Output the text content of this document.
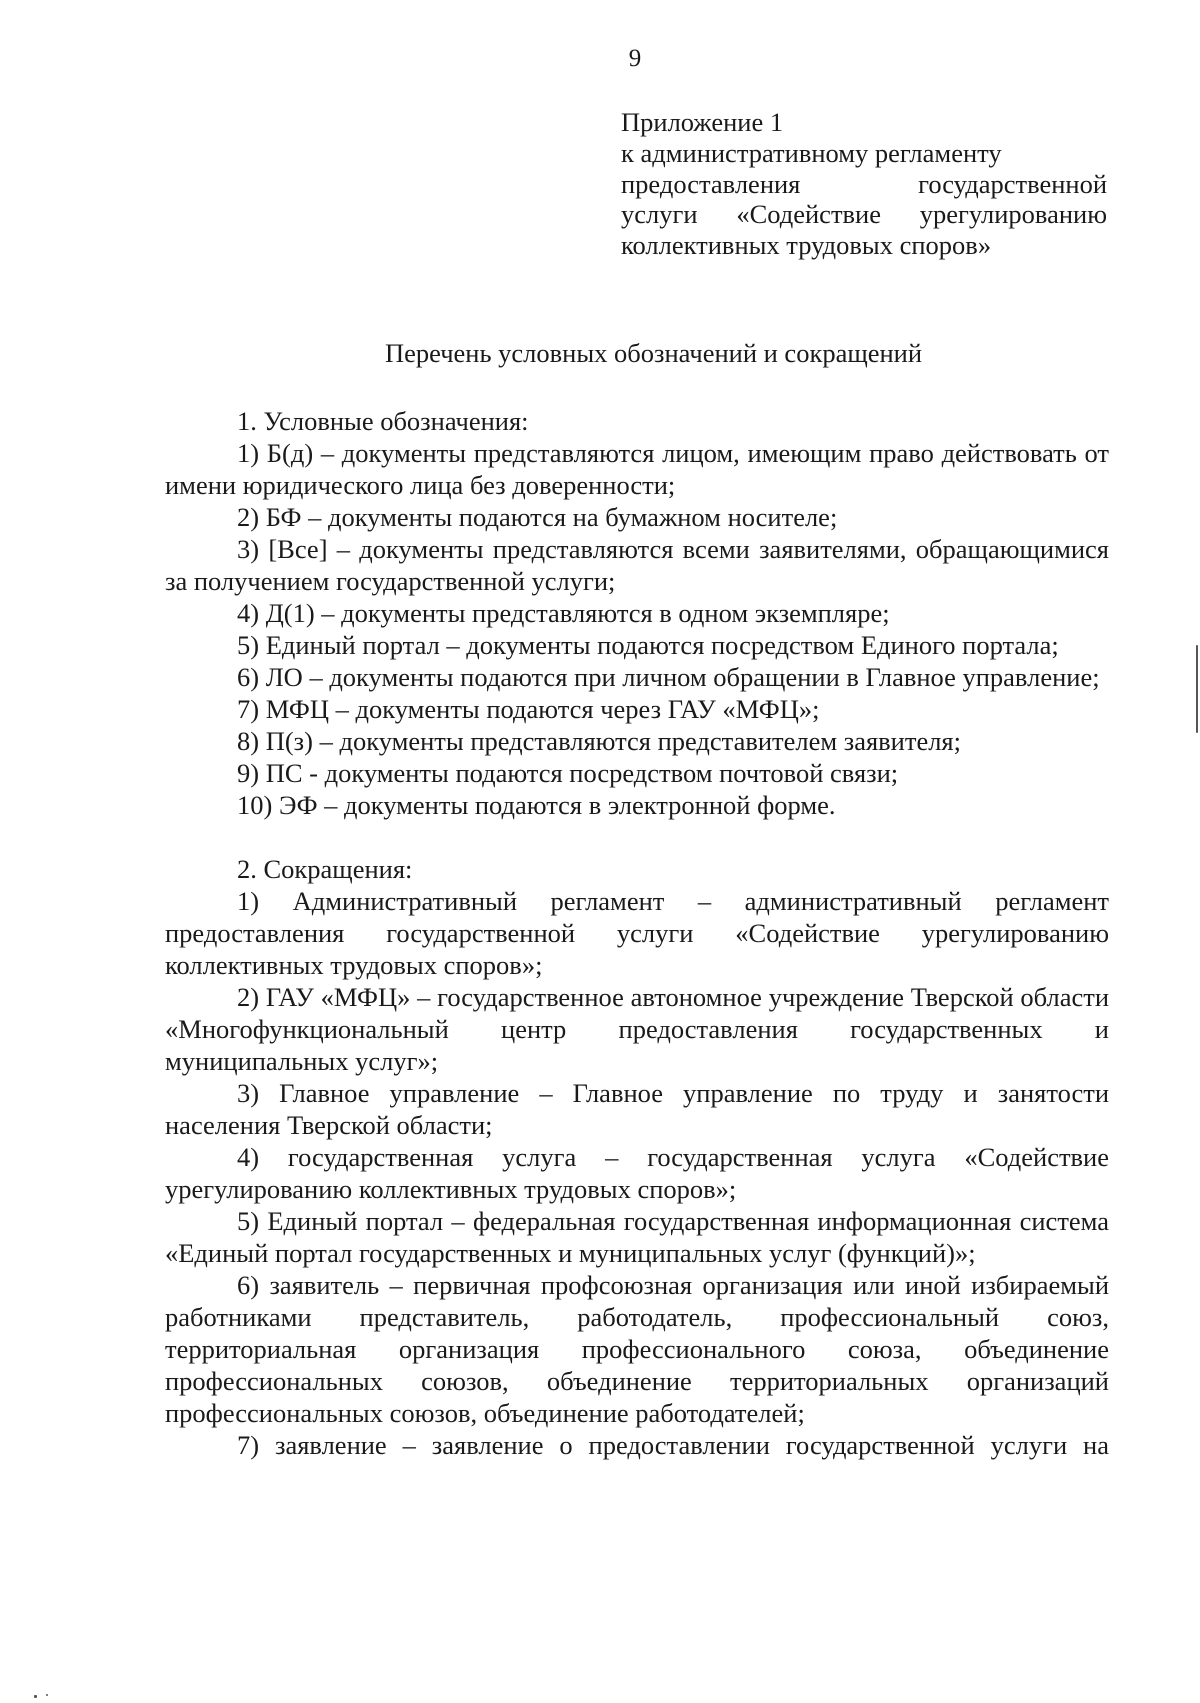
9
Приложение 1
к административному регламенту
предоставления государственной
услуги «Содействие урегулированию
коллективных трудовых споров»
Перечень условных обозначений и сокращений

1. Условные обозначения:

1) Б(д) – документы представляются лицом, имеющим право действовать от имени юридического лица без доверенности;

2) БФ – документы подаются на бумажном носителе;

3) [Все] – документы представляются всеми заявителями, обращающимися за получением государственной услуги;

4) Д(1) – документы представляются в одном экземпляре;

5) Единый портал – документы подаются посредством Единого портала;

6) ЛО – документы подаются при личном обращении в Главное управление;

7) МФЦ – документы подаются через ГАУ «МФЦ»;

8) П(з) – документы представляются представителем заявителя;

9) ПС - документы подаются посредством почтовой связи;

10) ЭФ – документы подаются в электронной форме.

2. Сокращения:

1) Административный регламент – административный регламент предоставления государственной услуги «Содействие урегулированию коллективных трудовых споров»;

2) ГАУ «МФЦ» – государственное автономное учреждение Тверской области «Многофункциональный центр предоставления государственных и муниципальных услуг»;

3) Главное управление – Главное управление по труду и занятости населения Тверской области;

4) государственная услуга – государственная услуга «Содействие урегулированию коллективных трудовых споров»;

5) Единый портал – федеральная государственная информационная система «Единый портал государственных и муниципальных услуг (функций)»;

6) заявитель – первичная профсоюзная организация или иной избираемый работниками представитель, работодатель, профессиональный союз, территориальная организация профессионального союза, объединение профессиональных союзов, объединение территориальных организаций профессиональных союзов, объединение работодателей;

7) заявление – заявление о предоставлении государственной услуги на
